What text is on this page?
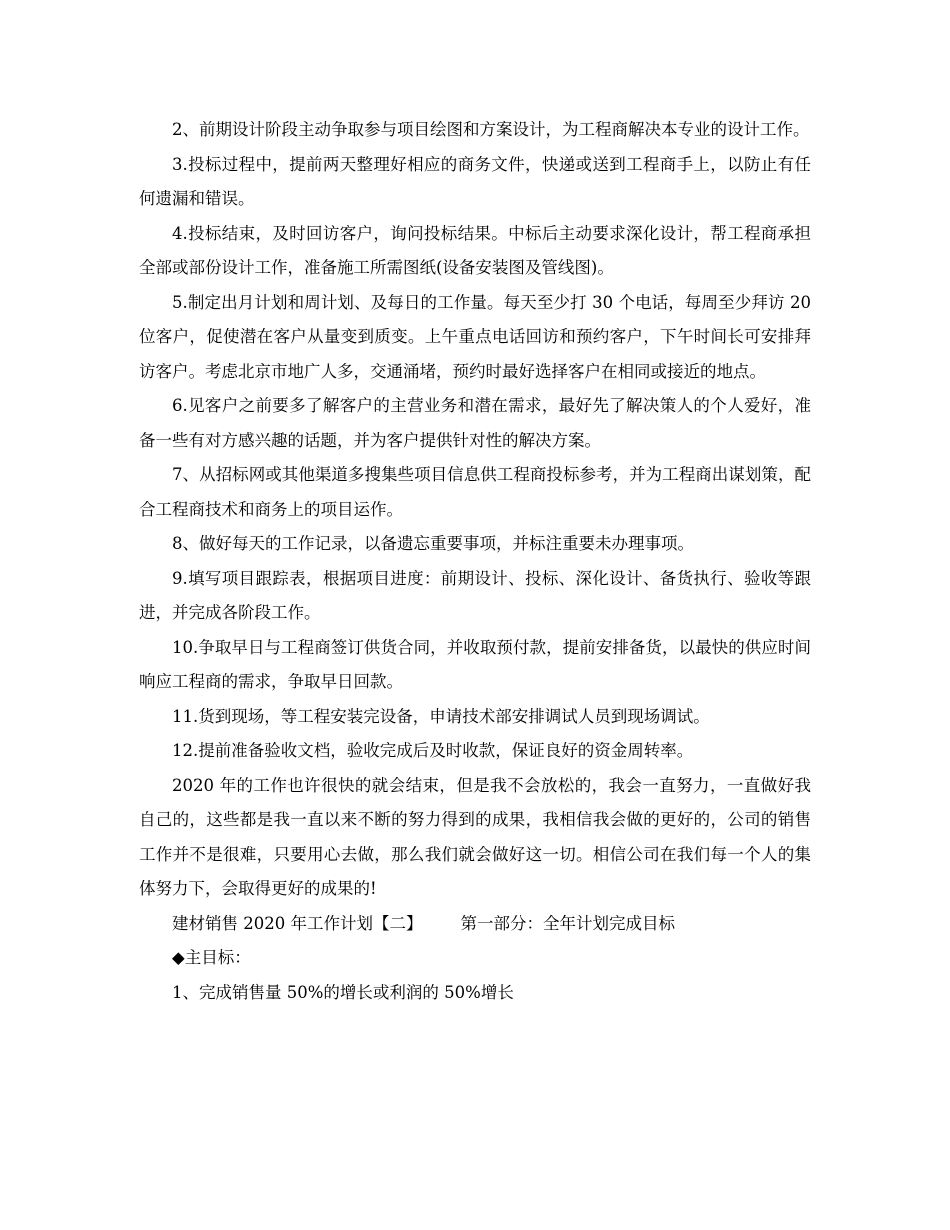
2、前期设计阶段主动争取参与项目绘图和方案设计，为工程商解决本专业的设计工作。

3.投标过程中，提前两天整理好相应的商务文件，快递或送到工程商手上，以防止有任何遗漏和错误。

4.投标结束，及时回访客户，询问投标结果。中标后主动要求深化设计，帮工程商承担全部或部份设计工作，准备施工所需图纸(设备安装图及管线图)。

5.制定出月计划和周计划、及每日的工作量。每天至少打 30 个电话，每周至少拜访 20 位客户，促使潜在客户从量变到质变。上午重点电话回访和预约客户，下午时间长可安排拜访客户。考虑北京市地广人多，交通涌堵，预约时最好选择客户在相同或接近的地点。

6.见客户之前要多了解客户的主营业务和潜在需求，最好先了解决策人的个人爱好，准备一些有对方感兴趣的话题，并为客户提供针对性的解决方案。

7、从招标网或其他渠道多搜集些项目信息供工程商投标参考，并为工程商出谋划策，配合工程商技术和商务上的项目运作。

8、做好每天的工作记录，以备遗忘重要事项，并标注重要未办理事项。

9.填写项目跟踪表，根据项目进度：前期设计、投标、深化设计、备货执行、验收等跟进，并完成各阶段工作。

10.争取早日与工程商签订供货合同，并收取预付款，提前安排备货，以最快的供应时间响应工程商的需求，争取早日回款。

11.货到现场，等工程安装完设备，申请技术部安排调试人员到现场调试。

12.提前准备验收文档，验收完成后及时收款，保证良好的资金周转率。

2020 年的工作也许很快的就会结束，但是我不会放松的，我会一直努力，一直做好我自己的，这些都是我一直以来不断的努力得到的成果，我相信我会做的更好的，公司的销售工作并不是很难，只要用心去做，那么我们就会做好这一切。相信公司在我们每一个人的集体努力下，会取得更好的成果的!

建材销售 2020 年工作计划【二】 第一部分：全年计划完成目标

◆主目标：

1、完成销售量 50%的增长或利润的 50%增长
